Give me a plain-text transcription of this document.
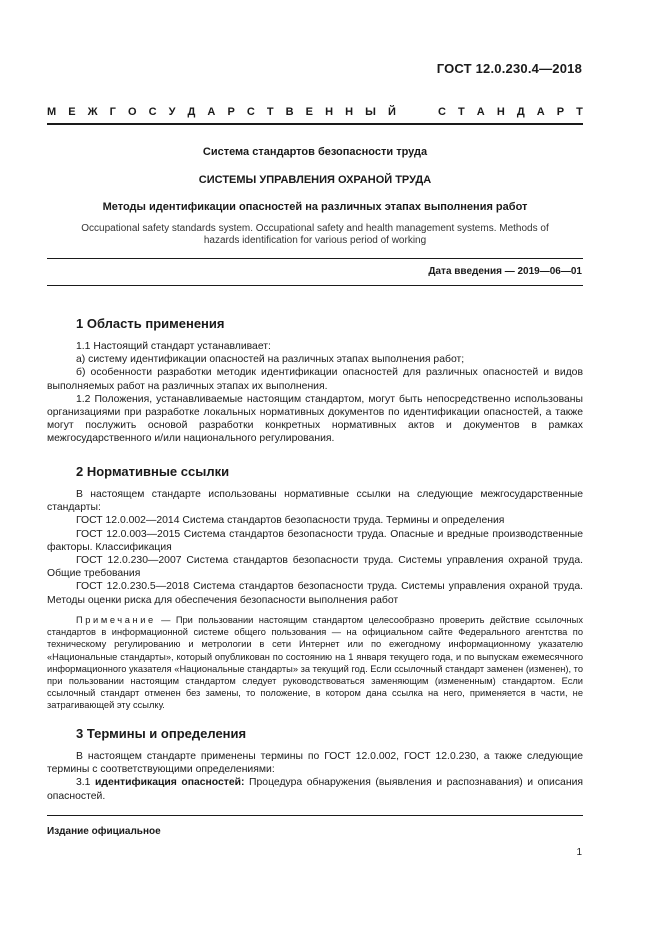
ГОСТ 12.0.230.4—2018
М Е Ж Г О С У Д А Р С Т В Е Н Н Ы Й	С Т А Н Д А Р Т
Система стандартов безопасности труда
СИСТЕМЫ УПРАВЛЕНИЯ ОХРАНОЙ ТРУДА
Методы идентификации опасностей на различных этапах выполнения работ
Occupational safety standards system. Occupational safety and health management systems. Methods of hazards identification for various period of working
Дата введения — 2019—06—01
1 Область применения

1.1 Настоящий стандарт устанавливает:

а) систему идентификации опасностей на различных этапах выполнения работ;

б) особенности разработки методик идентификации опасностей для различных опасностей и видов выполняемых работ на различных этапах их выполнения.

1.2 Положения, устанавливаемые настоящим стандартом, могут быть непосредственно использованы организациями при разработке локальных нормативных документов по идентификации опасностей, а также могут послужить основой разработки конкретных нормативных актов и документов в рамках межгосударственного и/или национального регулирования.

2 Нормативные ссылки

В настоящем стандарте использованы нормативные ссылки на следующие межгосударственные стандарты:

ГОСТ 12.0.002—2014 Система стандартов безопасности труда. Термины и определения

ГОСТ 12.0.003—2015 Система стандартов безопасности труда. Опасные и вредные производственные факторы. Классификация

ГОСТ 12.0.230—2007 Система стандартов безопасности труда. Системы управления охраной труда. Общие требования

ГОСТ 12.0.230.5—2018 Система стандартов безопасности труда. Системы управления охраной труда. Методы оценки риска для обеспечения безопасности выполнения работ

Примечание — При пользовании настоящим стандартом целесообразно проверить действие ссылочных стандартов в информационной системе общего пользования — на официальном сайте Федерального агентства по техническому регулированию и метрологии в сети Интернет или по ежегодному информационному указателю «Национальные стандарты», который опубликован по состоянию на 1 января текущего года, и по выпускам ежемесячного информационного указателя «Национальные стандарты» за текущий год. Если ссылочный стандарт заменен (изменен), то при пользовании настоящим стандартом следует руководствоваться заменяющим (измененным) стандартом. Если ссылочный стандарт отменен без замены, то положение, в котором дана ссылка на него, применяется в части, не затрагивающей эту ссылку.

3 Термины и определения

В настоящем стандарте применены термины по ГОСТ 12.0.002, ГОСТ 12.0.230, а также следующие термины с соответствующими определениями:

3.1 идентификация опасностей: Процедура обнаружения (выявления и распознавания) и описания опасностей.

Издание официальное
1
